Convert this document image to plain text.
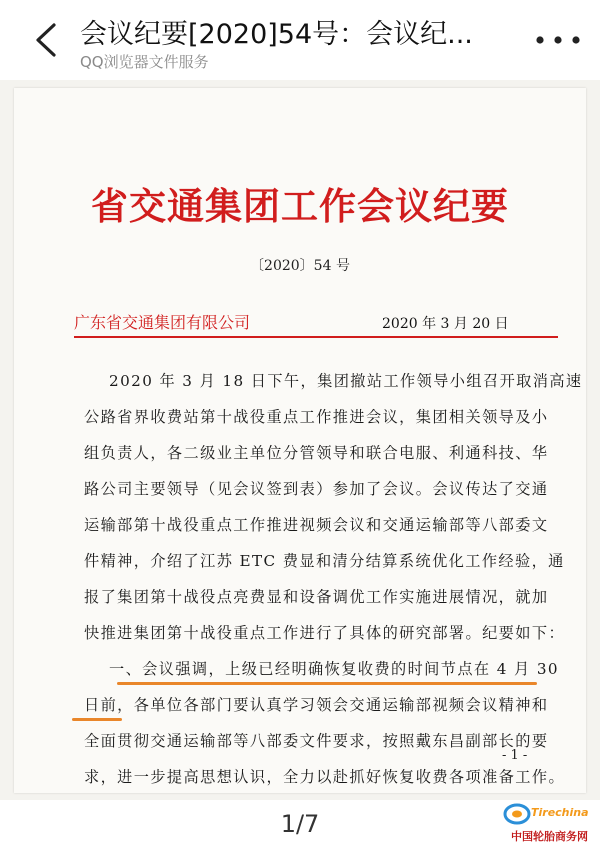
会议纪要[2020]54号：会议纪...
QQ浏览器文件服务
省交通集团工作会议纪要
〔2020〕54 号
广东省交通集团有限公司	2020 年 3 月 20 日
2020 年 3 月 18 日下午，集团撤站工作领导小组召开取消高速
公路省界收费站第十战役重点工作推进会议，集团相关领导及小
组负责人，各二级业主单位分管领导和联合电服、利通科技、华
路公司主要领导（见会议签到表）参加了会议。会议传达了交通
运输部第十战役重点工作推进视频会议和交通运输部等八部委文
件精神，介绍了江苏 ETC 费显和清分结算系统优化工作经验，通
报了集团第十战役点亮费显和设备调优工作实施进展情况，就加
快推进集团第十战役重点工作进行了具体的研究部署。纪要如下：
一、会议强调，上级已经明确恢复收费的时间节点在 4 月 30
日前，各单位各部门要认真学习领会交通运输部视频会议精神和
全面贯彻交通运输部等八部委文件要求，按照戴东昌副部长的要
求，进一步提高思想认识，全力以赴抓好恢复收费各项准备工作。
- 1 -
1/7	Tirechina
中国轮胎商务网
